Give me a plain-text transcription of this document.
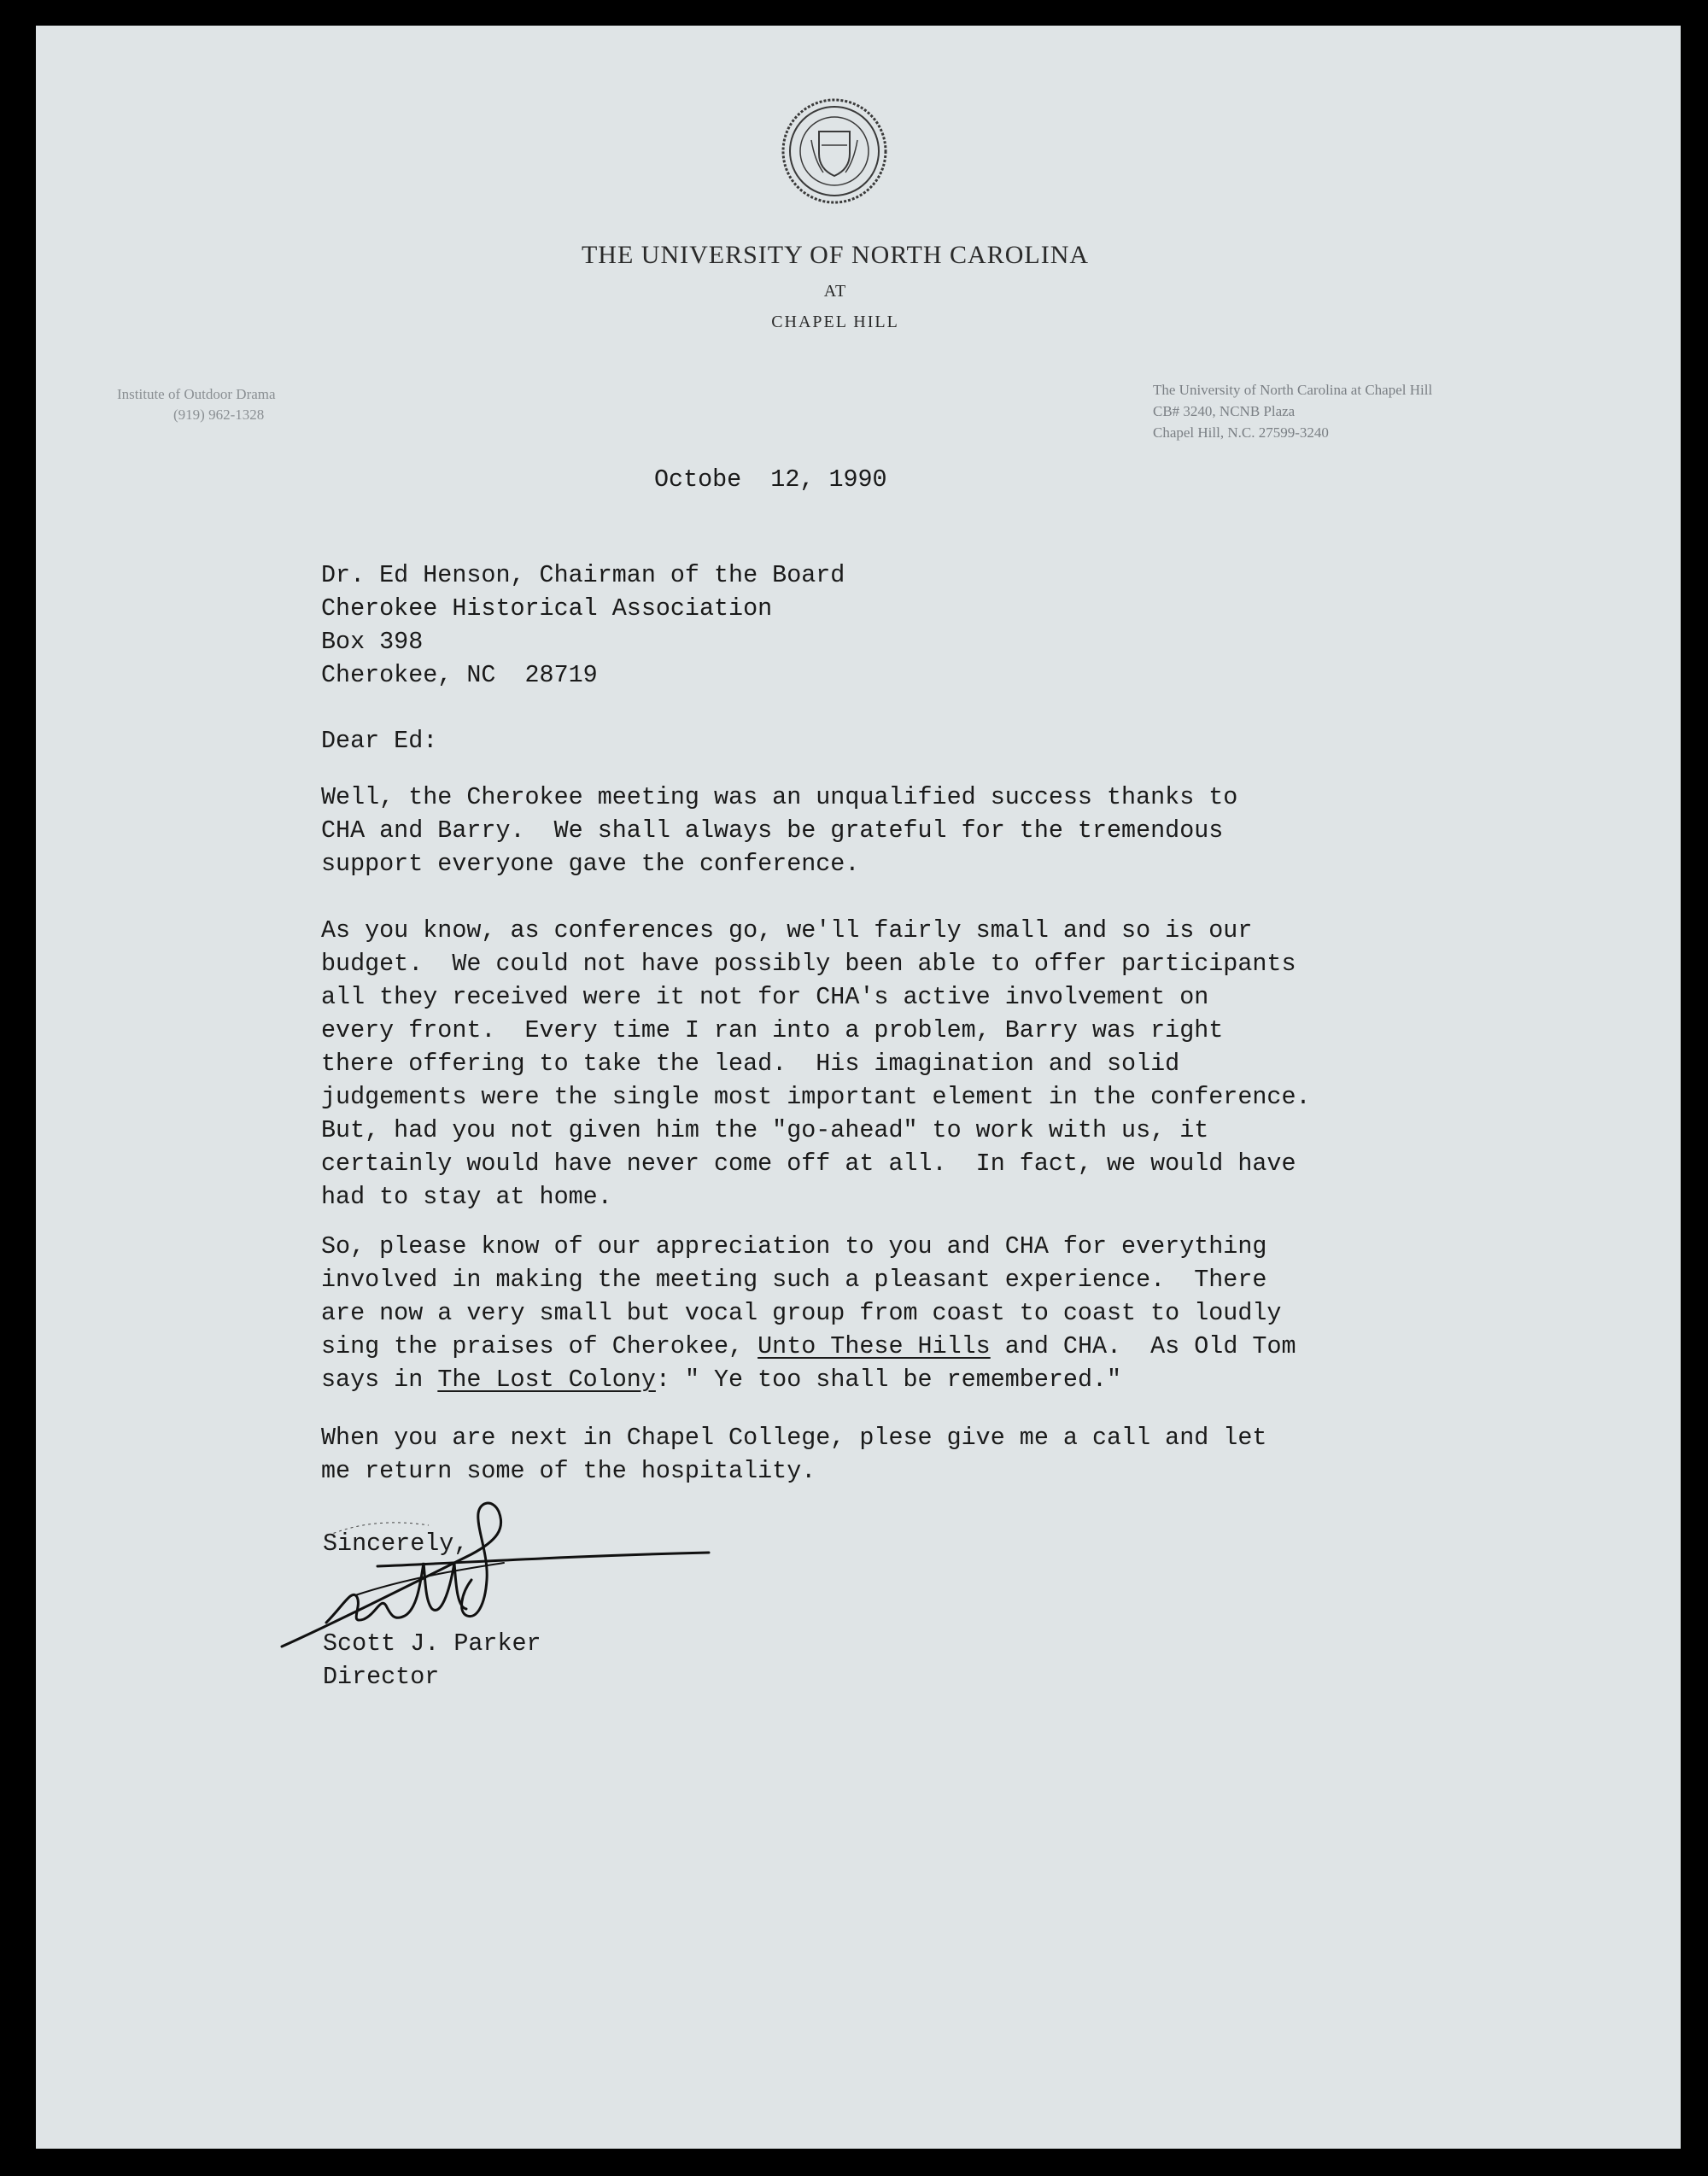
THE UNIVERSITY OF NORTH CAROLINA
AT
CHAPEL HILL
Institute of Outdoor Drama
(919) 962-1328
The University of North Carolina at Chapel Hill
CB# 3240, NCNB Plaza
Chapel Hill, N.C. 27599-3240
Octobe  12, 1990
Dr. Ed Henson, Chairman of the Board
Cherokee Historical Association
Box 398
Cherokee, NC  28719
Dear Ed:
Well, the Cherokee meeting was an unqualified success thanks to
CHA and Barry.  We shall always be grateful for the tremendous
support everyone gave the conference.
As you know, as conferences go, we'll fairly small and so is our
budget.  We could not have possibly been able to offer participants
all they received were it not for CHA's active involvement on
every front.  Every time I ran into a problem, Barry was right
there offering to take the lead.  His imagination and solid
judgements were the single most important element in the conference.
But, had you not given him the "go-ahead" to work with us, it
certainly would have never come off at all.  In fact, we would have
had to stay at home.
So, please know of our appreciation to you and CHA for everything
involved in making the meeting such a pleasant experience.  There
are now a very small but vocal group from coast to coast to loudly
sing the praises of Cherokee, Unto These Hills and CHA.  As Old Tom
says in The Lost Colony: " Ye too shall be remembered."
When you are next in Chapel College, plese give me a call and let
me return some of the hospitality.
Sincerely,
Scott J. Parker
Director
